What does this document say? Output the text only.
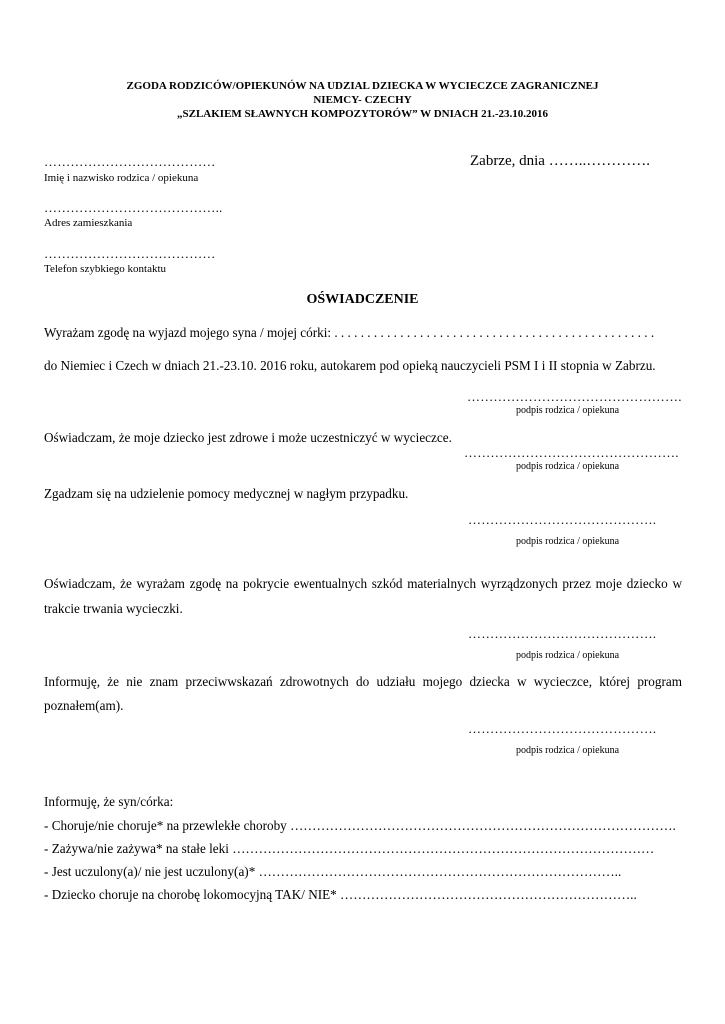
ZGODA RODZICÓW/OPIEKUNÓW NA UDZIAL DZIECKA W WYCIECZCE ZAGRANICZNEJ
NIEMCY- CZECHY
„SZLAKIEM SŁAWNYCH KOMPOZYTORÓW” W DNIACH 21.-23.10.2016
…………………………………
Imię i nazwisko rodzica / opiekuna
Zabrze, dnia ……..………….
…………………………………..
Adres zamieszkania
…………………………………
Telefon szybkiego kontaktu
OŚWIADCZENIE
Wyrażam zgodę na wyjazd mojego syna / mojej córki: . . . . . . . . . . . . . . . . . . . . . . . . . . . . . . . . . . . . . . . . . . . . . . . . .
do Niemiec i Czech w dniach 21.-23.10. 2016 roku, autokarem pod opieką nauczycieli PSM I i II stopnia w Zabrzu.
………………………………………….
podpis rodzica / opiekuna
Oświadczam, że moje dziecko jest zdrowe i może uczestniczyć w wycieczce.
………………………………………….
podpis rodzica / opiekuna
Zgadzam się na udzielenie pomocy medycznej w nagłym przypadku.
…………………………………….
podpis rodzica / opiekuna
Oświadczam, że wyrażam zgodę na pokrycie ewentualnych szkód materialnych wyrządzonych przez moje dziecko w
trakcie trwania wycieczki.
…………………………………….
podpis rodzica / opiekuna
Informuję, że nie znam przeciwwskazań zdrowotnych do udziału mojego dziecka w wycieczce, której program
poznałem(am).
…………………………………….
podpis rodzica / opiekuna
Informuję, że syn/córka:
- Choruje/nie choruje* na przewlekłe choroby …………………………………………………………………………….
- Zażywa/nie zażywa* na stałe leki ……………………………………………………………………………………
- Jest uczulony(a)/ nie jest uczulony(a)* ………………………………………………………………………..
- Dziecko choruje na chorobę lokomocyjną TAK/ NIE* …………………………………………………………..
